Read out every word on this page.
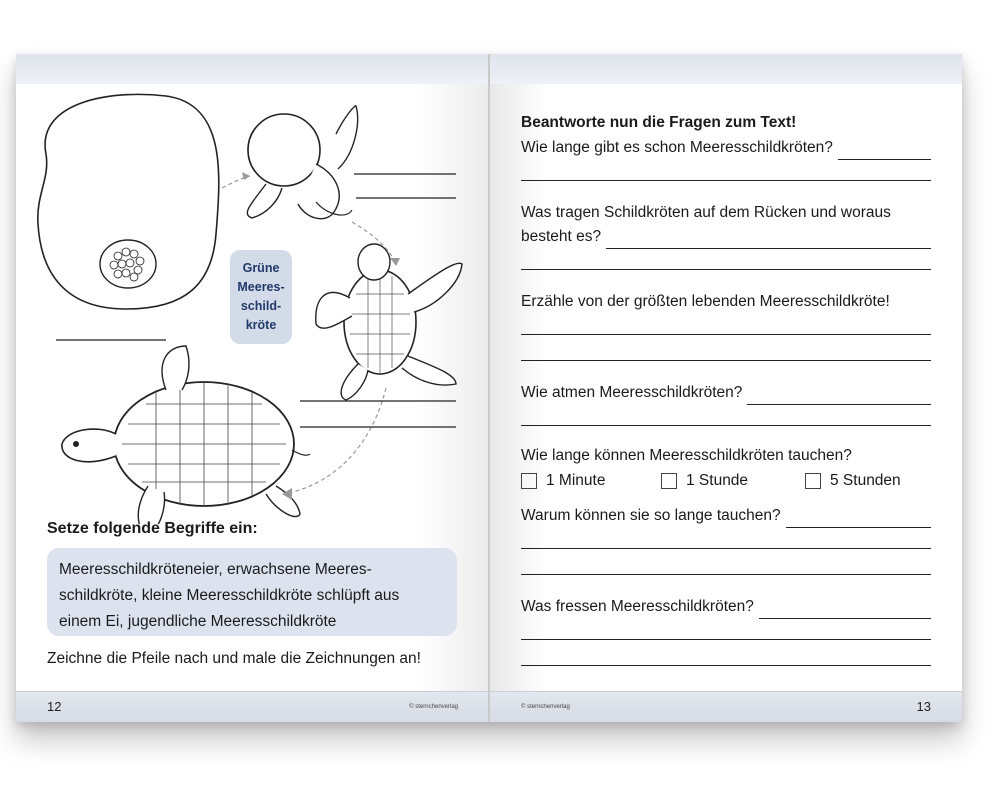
Grüne
Meeres-
schild-
kröte
Setze folgende Begriffe ein:
Meeresschildkröteneier, erwachsene Meeres-
schildkröte, kleine Meeresschildkröte schlüpft aus
einem Ei, jugendliche Meeresschildkröte
Zeichne die Pfeile nach und male die Zeichnungen an!
12	© sternchenverlag
Beantworte nun die Fragen zum Text!
Wie lange gibt es schon Meeresschildkröten?
Was tragen Schildkröten auf dem Rücken und woraus
besteht es?
Erzähle von der größten lebenden Meeresschildkröte!
Wie atmen Meeresschildkröten?
Wie lange können Meeresschildkröten tauchen?
1 Minute	1 Stunde	5 Stunden
Warum können sie so lange tauchen?
Was fressen Meeresschildkröten?
© sternchenverlag	13
